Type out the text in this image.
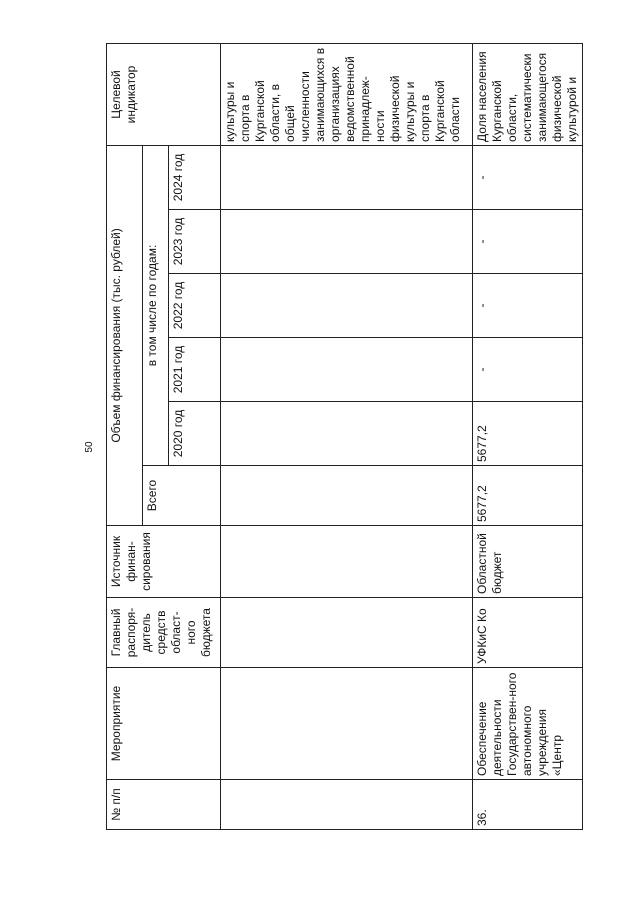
50
№ п/п	Мероприятие	Главный распоря-дитель средств област-ного бюджета	Источник финан-сирования	Объем финансирования (тыс. рублей)						Целевой индикатор
				Всего	в том числе по годам:					
					2020 год	2021 год	2022 год	2023 год	2024 год	
										культуры и спорта в Курганской области, в общей численности занимающихся в организациях ведомственной принадлеж-ности физической культуры и спорта в Курганской области
36.	Обеспечение деятельности Государствен-ного автономного учреждения «Центр	УФКиС Ко	Областной бюджет	5677,2	5677,2	-	-	-	-	Доля населения Курганской области, систематически занимающегося физической культурой и
